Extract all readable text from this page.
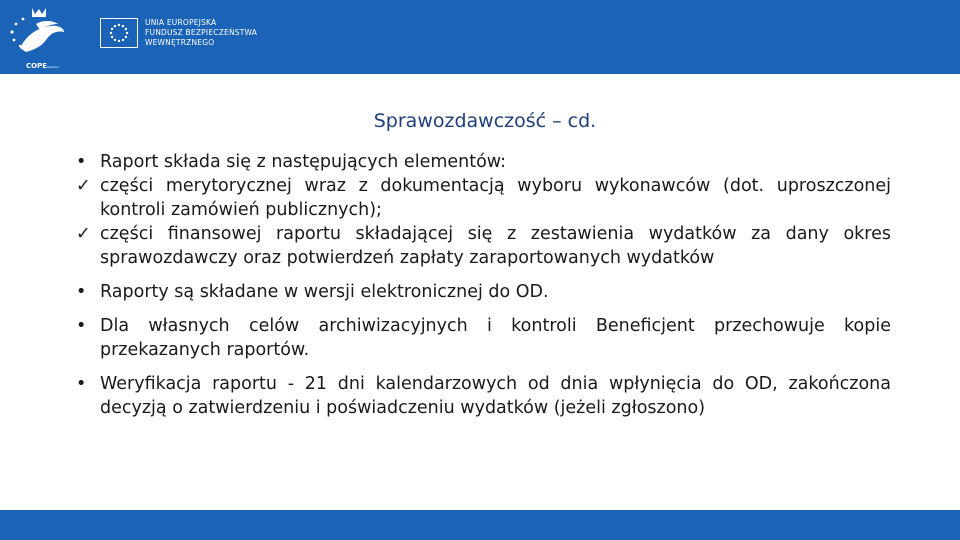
COPEwyamcc
UNIA EUROPEJSKA
FUNDUSZ BEZPIECZEŃSTWA
WEWNĘTRZNEGO
Sprawozdawczość – cd.
• Raport składa się z następujących elementów:
✓ części merytorycznej wraz z dokumentacją wyboru wykonawców (dot. uproszczonej kontroli zamówień publicznych);
✓ części finansowej raportu składającej się z zestawienia wydatków za dany okres sprawozdawczy oraz potwierdzeń zapłaty zaraportowanych wydatków
• Raporty są składane w wersji elektronicznej do OD.
• Dla własnych celów archiwizacyjnych i kontroli Beneficjent przechowuje kopie przekazanych raportów.
• Weryfikacja raportu - 21 dni kalendarzowych od dnia wpłynięcia do OD, zakończona decyzją o zatwierdzeniu i poświadczeniu wydatków (jeżeli zgłoszono)
